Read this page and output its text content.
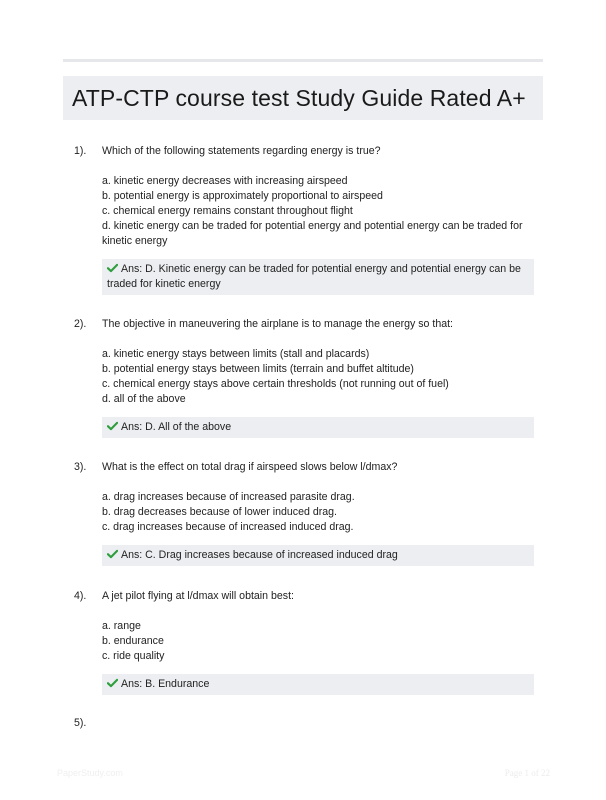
ATP-CTP course test Study Guide Rated A+
1). Which of the following statements regarding energy is true?
a. kinetic energy decreases with increasing airspeed
b. potential energy is approximately proportional to airspeed
c. chemical energy remains constant throughout flight
d. kinetic energy can be traded for potential energy and potential energy can be traded for kinetic energy
Ans: D. Kinetic energy can be traded for potential energy and potential energy can be traded for kinetic energy
2). The objective in maneuvering the airplane is to manage the energy so that:
a. kinetic energy stays between limits (stall and placards)
b. potential energy stays between limits (terrain and buffet altitude)
c. chemical energy stays above certain thresholds (not running out of fuel)
d. all of the above
Ans: D. All of the above
3). What is the effect on total drag if airspeed slows below l/dmax?
a. drag increases because of increased parasite drag.
b. drag decreases because of lower induced drag.
c. drag increases because of increased induced drag.
Ans: C. Drag increases because of increased induced drag
4). A jet pilot flying at l/dmax will obtain best:
a. range
b. endurance
c. ride quality
Ans: B. Endurance
5).
PaperStudy.com	Page 1 of 22
